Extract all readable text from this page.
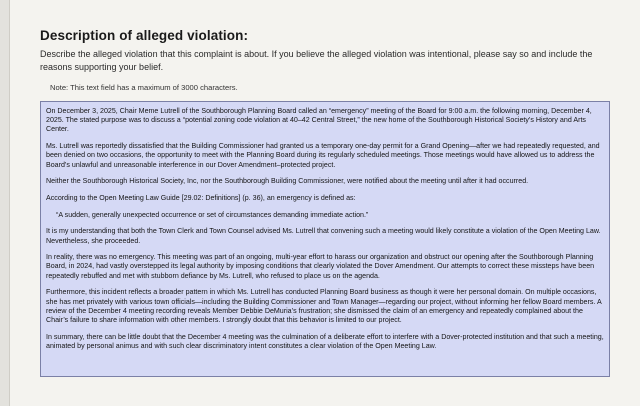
Description of alleged violation:

Describe the alleged violation that this complaint is about. If you believe the alleged violation was intentional, please say so and include the reasons supporting your belief.

Note: This text field has a maximum of 3000 characters.

On December 3, 2025, Chair Meme Lutrell of the Southborough Planning Board called an “emergency” meeting of the Board for 9:00 a.m. the following morning, December 4, 2025. The stated purpose was to discuss a “potential zoning code violation at 40–42 Central Street,” the new home of the Southborough Historical Society’s History and Arts Center.

Ms. Lutrell was reportedly dissatisfied that the Building Commissioner had granted us a temporary one-day permit for a Grand Opening—after we had repeatedly requested, and been denied on two occasions, the opportunity to meet with the Planning Board during its regularly scheduled meetings. Those meetings would have allowed us to address the Board’s unlawful and unreasonable interference in our Dover Amendment–protected project.

Neither the Southborough Historical Society, Inc, nor the Southborough Building Commissioner, were notified about the meeting until after it had occurred.

According to the Open Meeting Law Guide [29.02: Definitions] (p. 36), an emergency is defined as:

“A sudden, generally unexpected occurrence or set of circumstances demanding immediate action.”

It is my understanding that both the Town Clerk and Town Counsel advised Ms. Lutrell that convening such a meeting would likely constitute a violation of the Open Meeting Law. Nevertheless, she proceeded.

In reality, there was no emergency. This meeting was part of an ongoing, multi-year effort to harass our organization and obstruct our opening after the Southborough Planning Board, in 2024, had vastly overstepped its legal authority by imposing conditions that clearly violated the Dover Amendment. Our attempts to correct these missteps have been repeatedly rebuffed and met with stubborn defiance by Ms. Lutrell, who refused to place us on the agenda.

Furthermore, this incident reflects a broader pattern in which Ms. Lutrell has conducted Planning Board business as though it were her personal domain. On multiple occasions, she has met privately with various town officials—including the Building Commissioner and Town Manager—regarding our project, without informing her fellow Board members. A review of the December 4 meeting recording reveals Member Debbie DeMuria’s frustration; she dismissed the claim of an emergency and repeatedly complained about the Chair’s failure to share information with other members. I strongly doubt that this behavior is limited to our project.

In summary, there can be little doubt that the December 4 meeting was the culmination of a deliberate effort to interfere with a Dover-protected institution and that such a meeting, animated by personal animus and with such clear discriminatory intent constitutes a clear violation of the Open Meeting Law.
